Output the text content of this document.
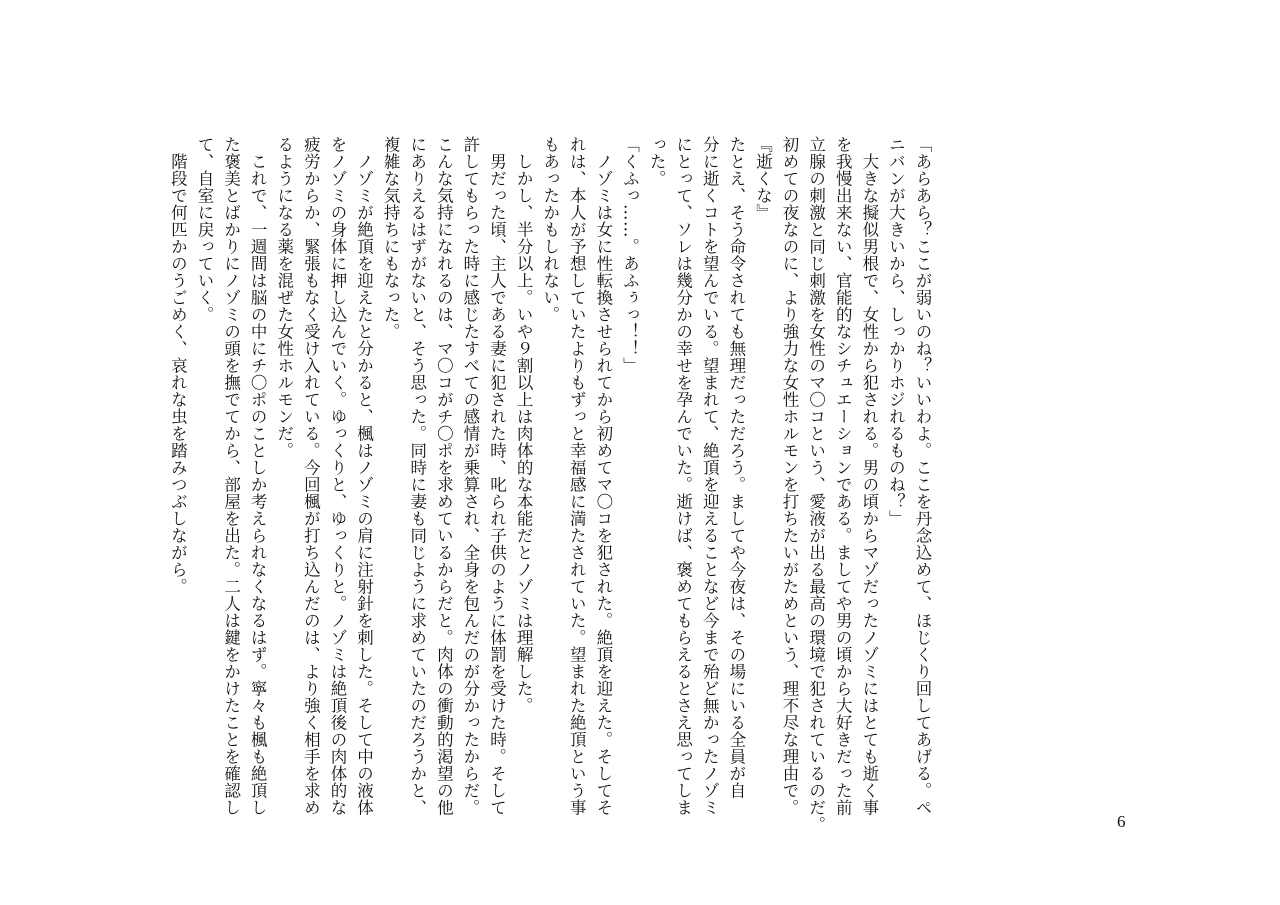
「あらあら？ここが弱いのね？いいわよ。ここを丹念込めて、ほじくり回してあげる。ペ
ニバンが大きいから、しっかりホジれるものね？」
　大きな擬似男根で、女性から犯される。男の頃からマゾだったノゾミにはとても逝く事
を我慢出来ない、官能的なシチュエーションである。ましてや男の頃から大好きだった前
立腺の刺激と同じ刺激を女性のマ〇コという、愛液が出る最高の環境で犯されているのだ。
初めての夜なのに、より強力な女性ホルモンを打ちたいがためという、理不尽な理由で。
『逝くな』
たとえ、そう命令されても無理だっただろう。ましてや今夜は、その場にいる全員が自
分に逝くコトを望んでいる。望まれて、絶頂を迎えることなど今まで殆ど無かったノゾミ
にとって、ソレは幾分かの幸せを孕んでいた。逝けば、褒めてもらえるとさえ思ってしま
った。
「くふっ……。あふぅっ！！」
　ノゾミは女に性転換させられてから初めてマ〇コを犯された。絶頂を迎えた。そしてそ
れは、本人が予想していたよりもずっと幸福感に満たされていた。望まれた絶頂という事
もあったかもしれない。
　しかし、半分以上。いや９割以上は肉体的な本能だとノゾミは理解した。
　男だった頃、主人である妻に犯された時、叱られ子供のように体罰を受けた時。そして
許してもらった時に感じたすべての感情が乗算され、全身を包んだのが分かったからだ。
こんな気持になれるのは、マ〇コがチ〇ポを求めているからだと。肉体の衝動的渇望の他
にありえるはずがないと、そう思った。同時に妻も同じように求めていたのだろうかと、
複雑な気持ちにもなった。
　ノゾミが絶頂を迎えたと分かると、楓はノゾミの肩に注射針を刺した。そして中の液体
をノゾミの身体に押し込んでいく。ゆっくりと、ゆっくりと。ノゾミは絶頂後の肉体的な
疲労からか、緊張もなく受け入れている。今回楓が打ち込んだのは、より強く相手を求め
るようになる薬を混ぜた女性ホルモンだ。
　これで、一週間は脳の中にチ〇ポのことしか考えられなくなるはず。寧々も楓も絶頂し
た褒美とばかりにノゾミの頭を撫でてから、部屋を出た。二人は鍵をかけたことを確認し
て、自室に戻っていく。
　階段で何匹かのうごめく、哀れな虫を踏みつぶしながら。
6
